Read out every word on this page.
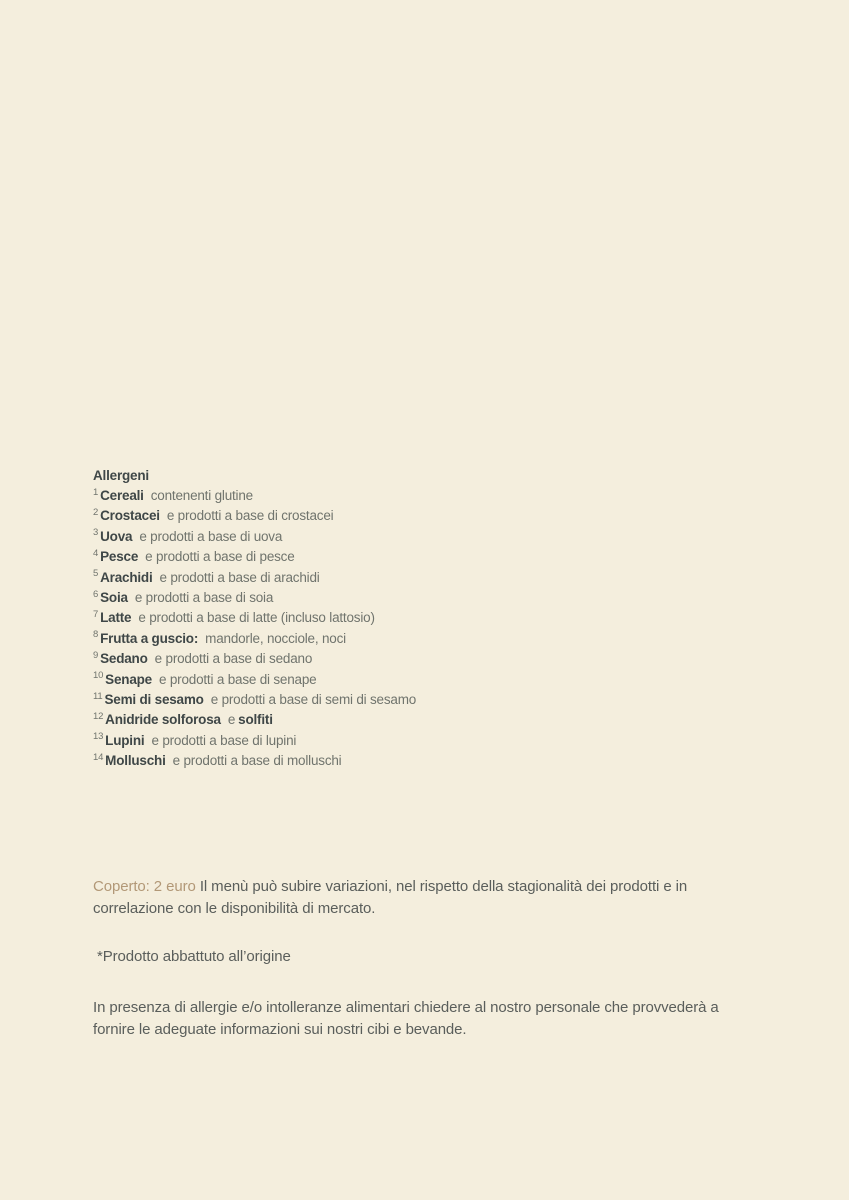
Allergeni
$^1$ Cereali contenenti glutine
$^2$ Crostacei e prodotti a base di crostacei
$^3$ Uova e prodotti a base di uova
$^4$ Pesce e prodotti a base di pesce
$^5$ Arachidi e prodotti a base di arachidi
$^6$ Soia e prodotti a base di soia
$^7$ Latte e prodotti a base di latte (incluso lattosio)
$^8$ Frutta a guscio: mandorle, nocciole, noci
$^9$ Sedano e prodotti a base di sedano
$^{10}$ Senape e prodotti a base di senape
$^{11}$ Semi di sesamo e prodotti a base di semi di sesamo
$^{12}$ Anidride solforosa e solfiti
$^{13}$ Lupini e prodotti a base di lupini
$^{14}$ Molluschi e prodotti a base di molluschi

Coperto: 2 euro Il menù può subire variazioni, nel rispetto della stagionalità dei prodotti e in correlazione con le disponibilità di mercato.

*Prodotto abbattuto all’origine

In presenza di allergie e/o intolleranze alimentari chiedere al nostro personale che provvederà a fornire le adeguate informazioni sui nostri cibi e bevande.
